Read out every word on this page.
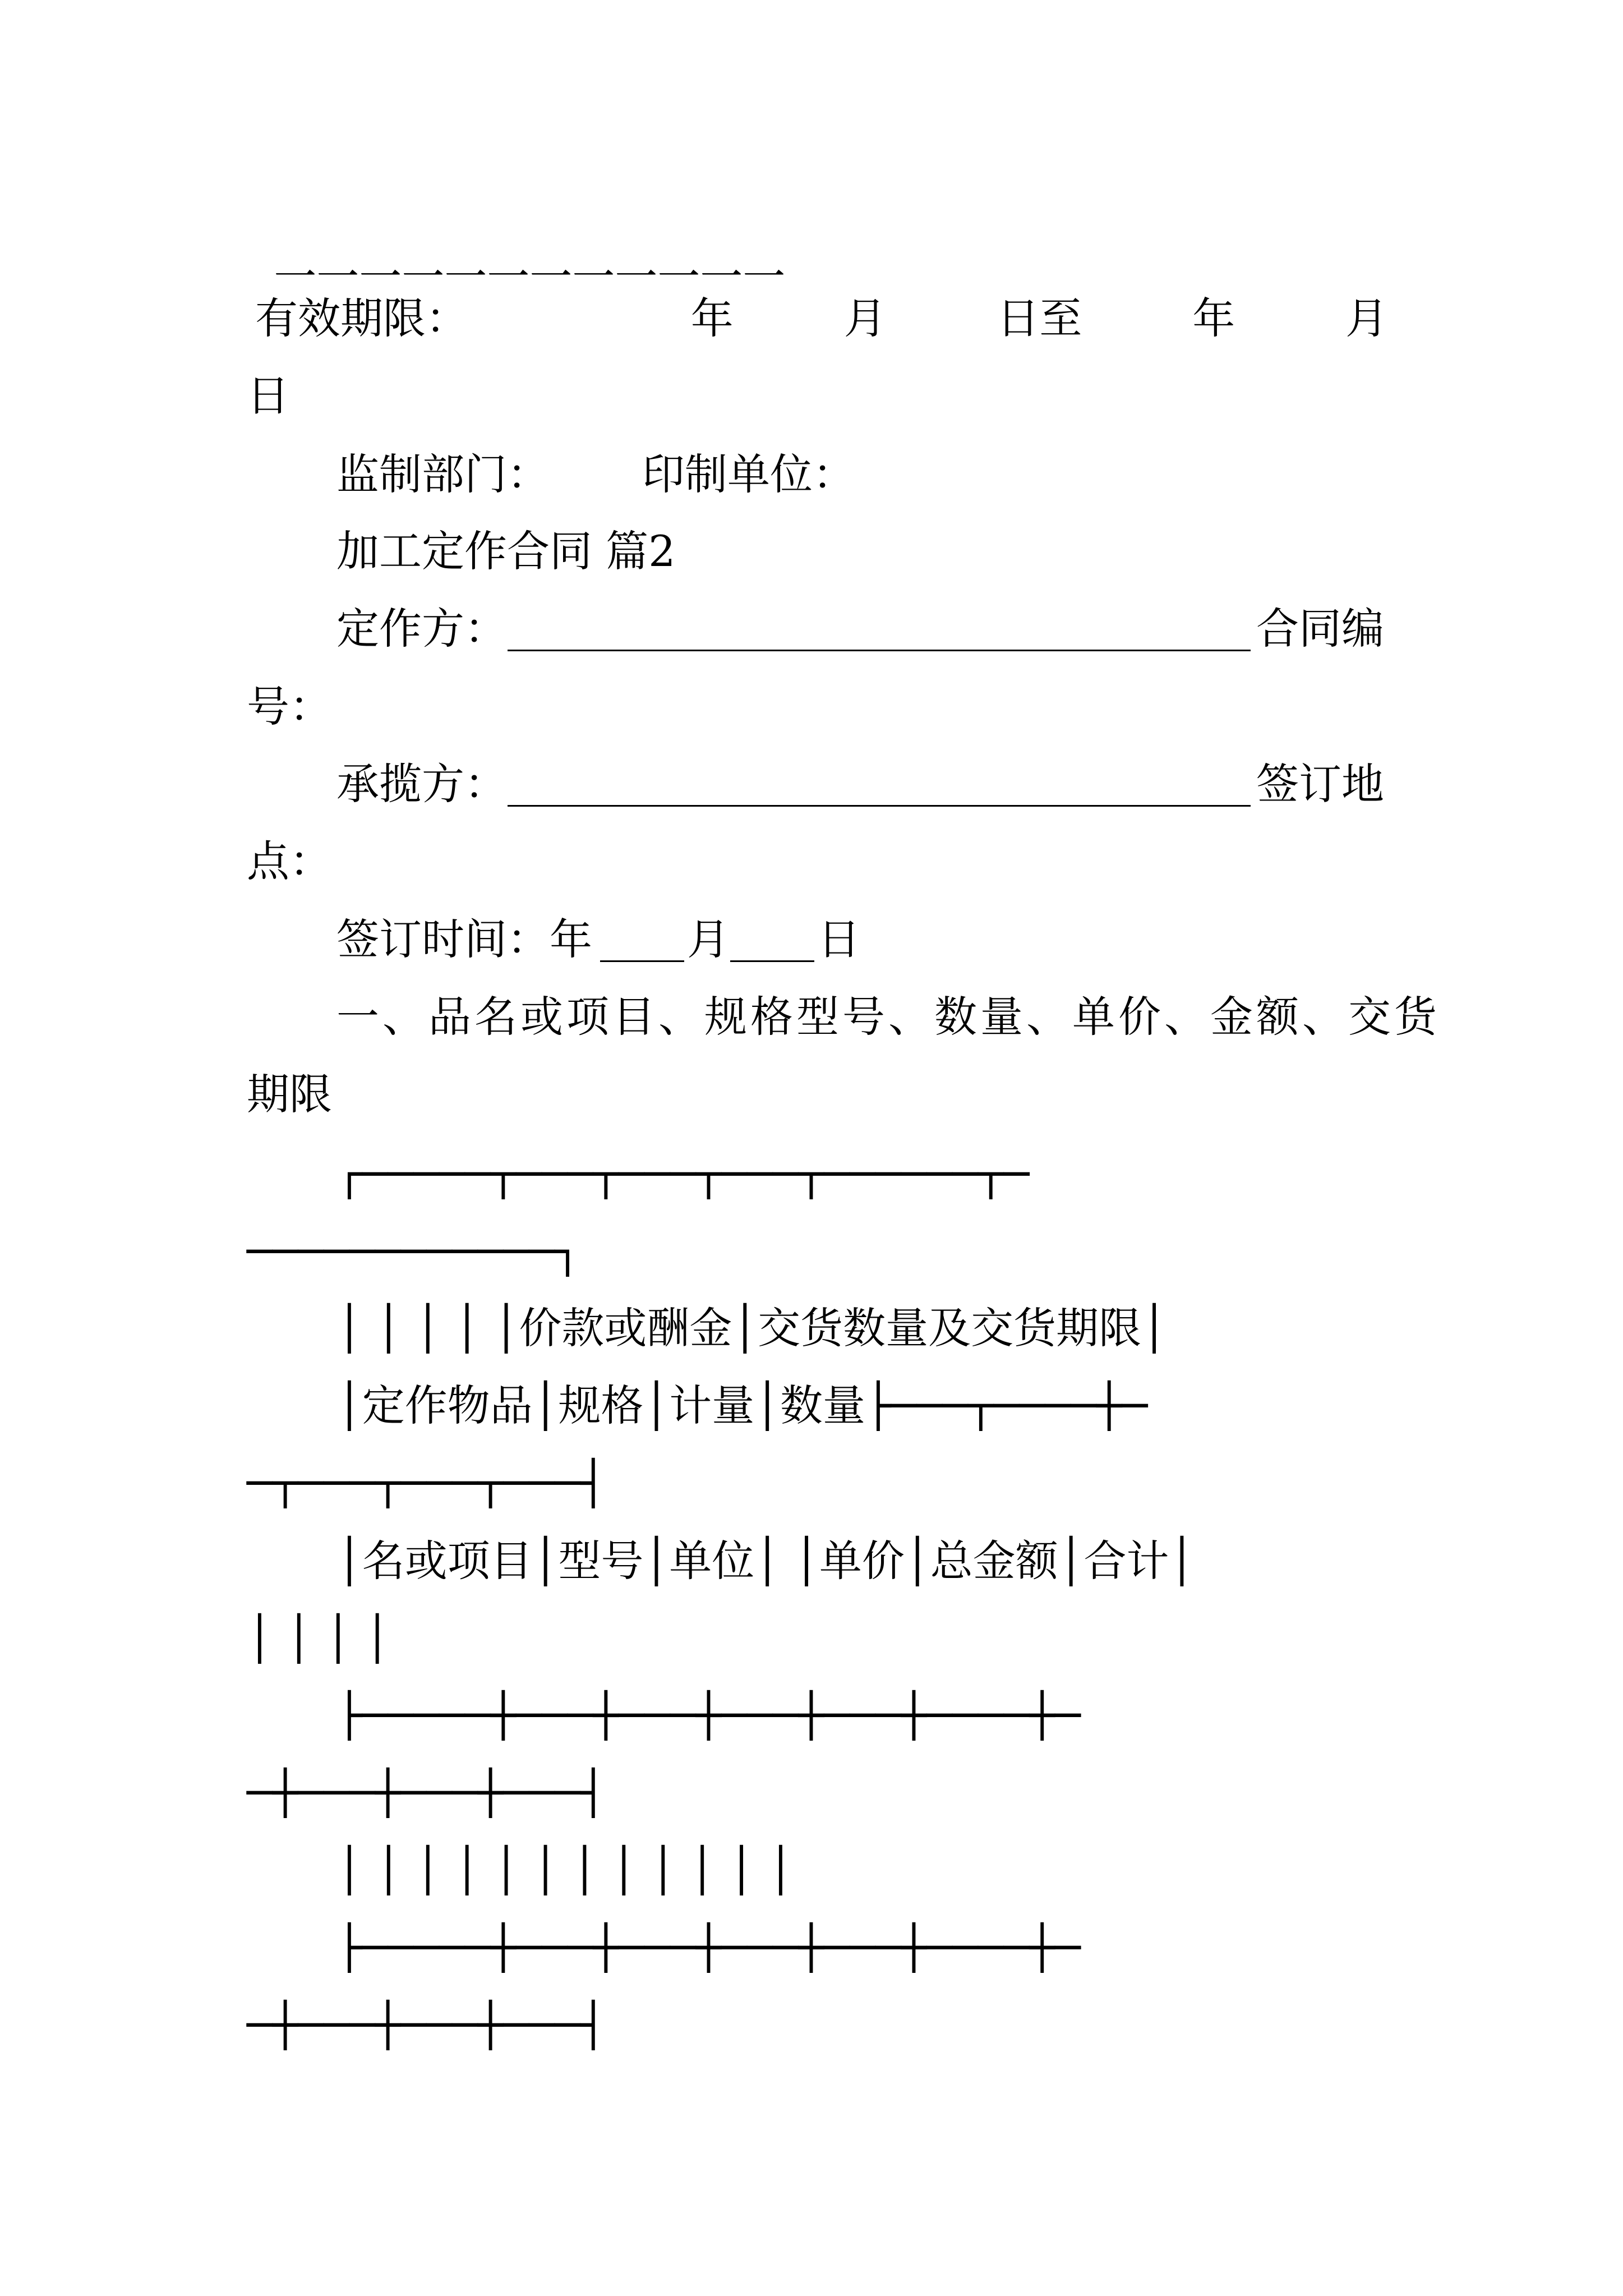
一一一一一一一一一一一一

有效期限：	年	月	日至	年	月
日
监制部门： 印制单位：
加工定作合同 篇2
定作方：	合同编
号：
承揽方：	签订地
点：
签订时间：年 月 日
一、品名或项目、规格型号、数量、单价、金额、交货
期限
┌─────┬───┬───┬───┬──────┬─
────────────┐
│ │ │ │ │价款或酬金│交货数量及交货期限│
│定作物品│规格│计量│数量├───┬────┼─
─┬───┬───┬───┤
│名或项目│型号│单位│ │单价│总金额│合计│
│ │ │ │
├─────┼───┼───┼───┼───┼────┼─
─┼───┼───┼───┤
│ │ │ │ │ │ │ │ │ │ │ │
├─────┼───┼───┼───┼───┼────┼─
─┼───┼───┼───┤
